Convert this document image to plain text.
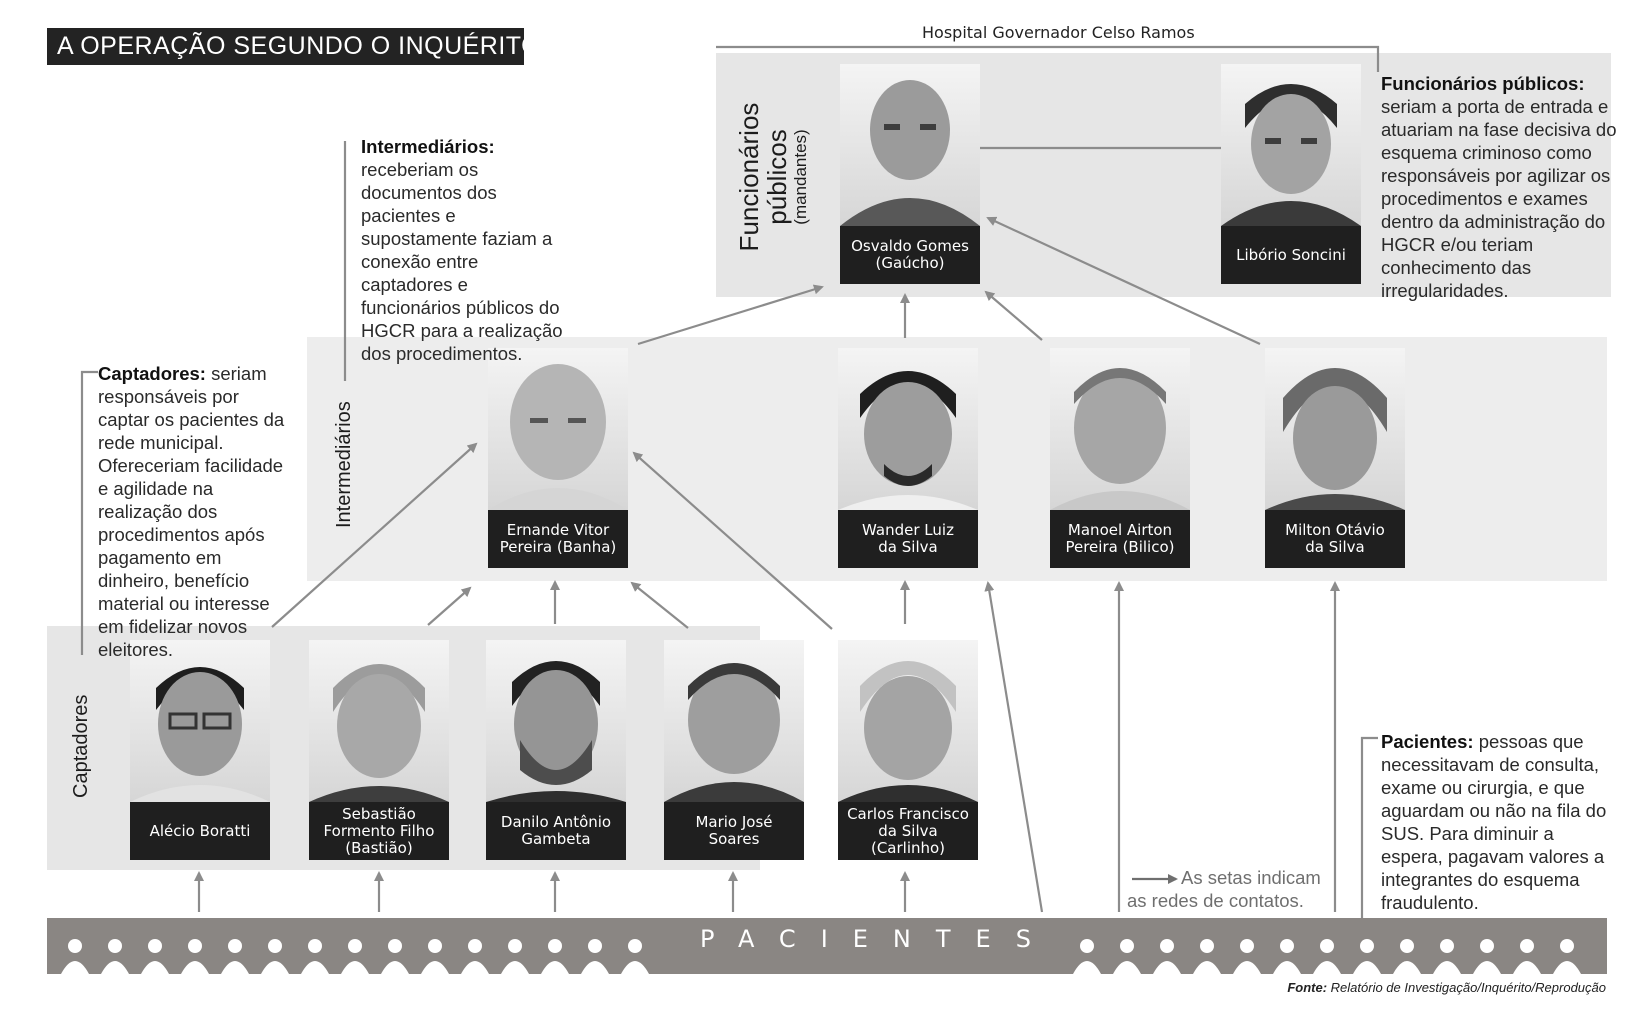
A OPERAÇÃO SEGUNDO O INQUÉRITO	Hospital Governador Celso Ramos
Funcionários
públicos (mandantes)
Intermediários
Captadores
Osvaldo Gomes
(Gaúcho)	Libório Soncini
Ernande Vitor
Pereira (Banha)
Wander Luiz
da Silva
Manoel Airton
Pereira (Bilico)
Milton Otávio
da Silva
Alécio Boratti
Sebastião
Formento Filho
(Bastião)
Danilo Antônio
Gambeta
Mario José
Soares
Carlos Francisco
da Silva (Carlinho)
Funcionários públicos: seriam a porta de entrada e atuariam na fase decisiva do esquema criminoso como responsáveis por agilizar os procedimentos e exames dentro da administração do HGCR e/ou teriam conhecimento das irregularidades.
Intermediários:
receberiam os documentos dos pacientes e supostamente faziam a conexão entre captadores e funcionários públicos do HGCR para a realização dos procedimentos.
Captadores: seriam responsáveis por captar os pacientes da rede municipal. Ofereceriam facilidade e agilidade na realização dos procedimentos após pagamento em dinheiro, benefício material ou interesse em fidelizar novos eleitores.
Pacientes: pessoas que necessitavam de consulta, exame ou cirurgia, e que aguardam ou não na fila do SUS. Para diminuir a espera, pagavam valores a integrantes do esquema fraudulento.
As setas indicam
as redes de contatos.
PACIENTES
Fonte: Relatório de Investigação/Inquérito/Reprodução
